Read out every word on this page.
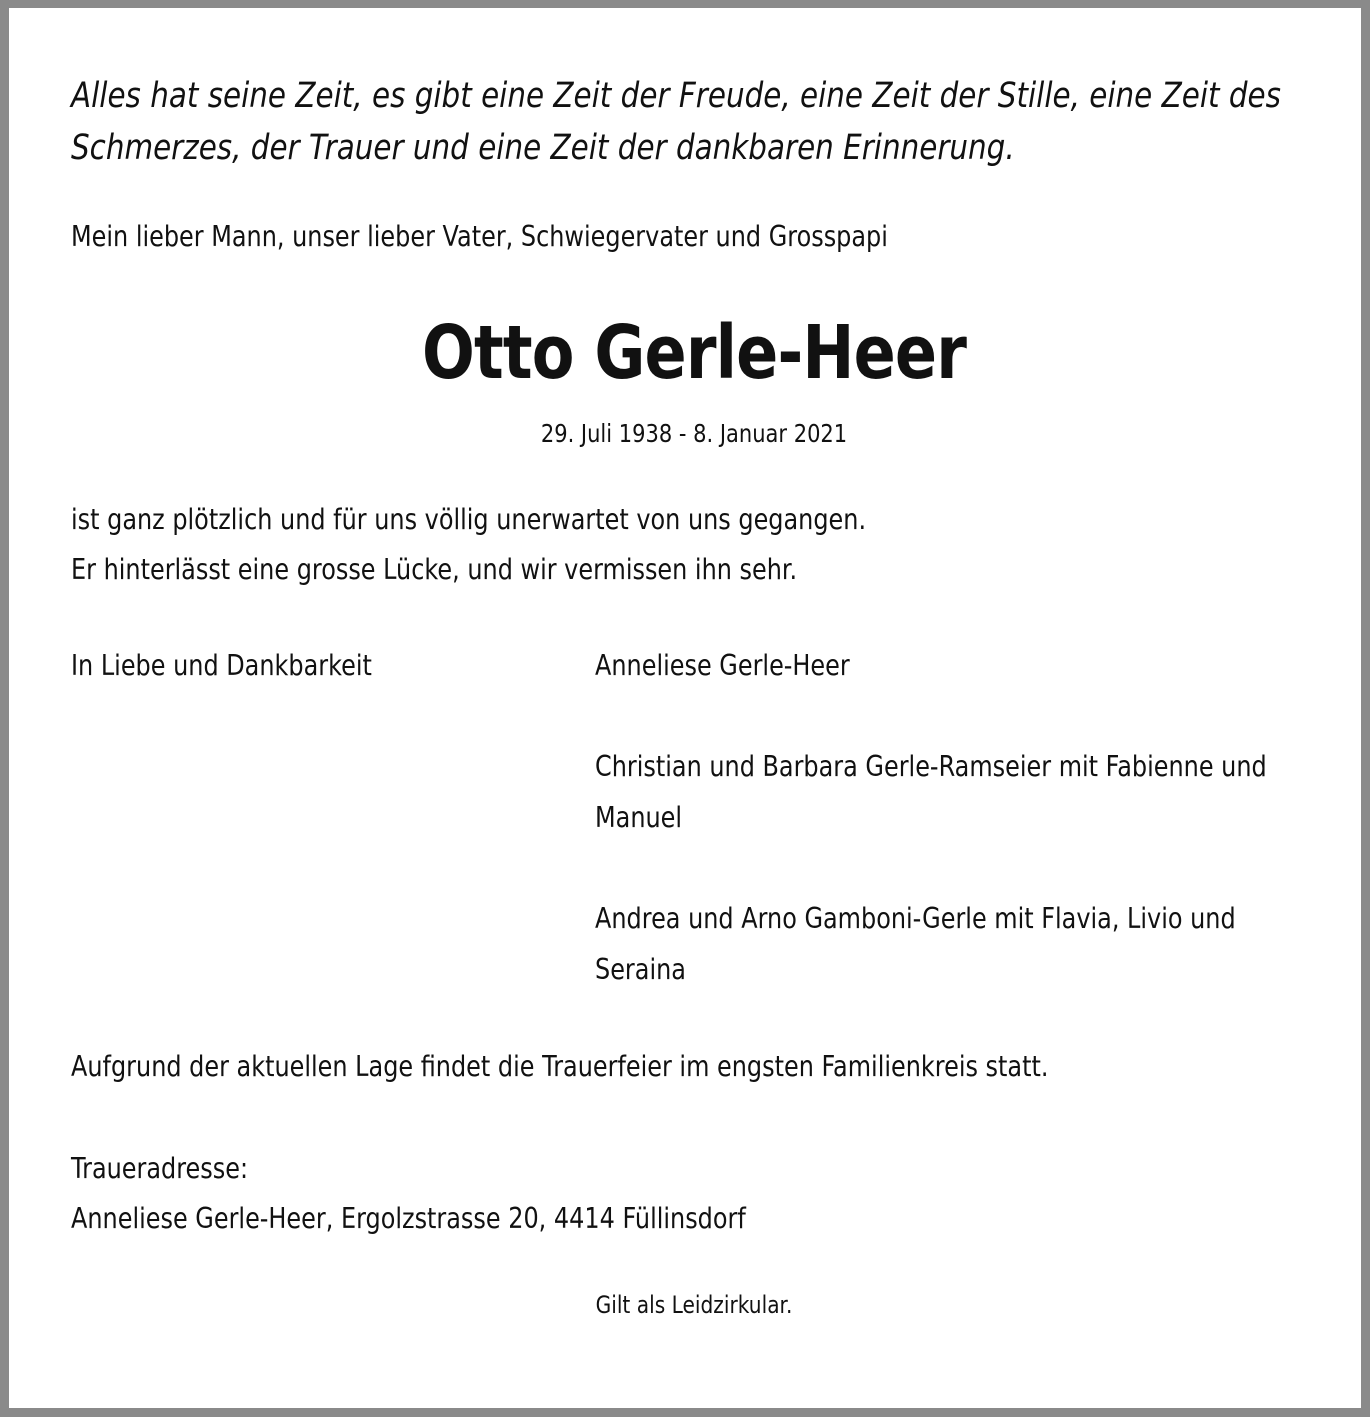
Alles hat seine Zeit, es gibt eine Zeit der Freude, eine Zeit der Stille, eine Zeit des
Schmerzes, der Trauer und eine Zeit der dankbaren Erinnerung.
Mein lieber Mann, unser lieber Vater, Schwiegervater und Grosspapi
Otto Gerle-Heer
29. Juli 1938 - 8. Januar 2021
ist ganz plötzlich und für uns völlig unerwartet von uns gegangen.
Er hinterlässt eine grosse Lücke, und wir vermissen ihn sehr.
In Liebe und Dankbarkeit	Anneliese Gerle-Heer
Christian und Barbara Gerle-Ramseier mit Fabienne und
Manuel
Andrea und Arno Gamboni-Gerle mit Flavia, Livio und
Seraina
Aufgrund der aktuellen Lage findet die Trauerfeier im engsten Familienkreis statt.
Traueradresse:
Anneliese Gerle-Heer, Ergolzstrasse 20, 4414 Füllinsdorf
Gilt als Leidzirkular.
